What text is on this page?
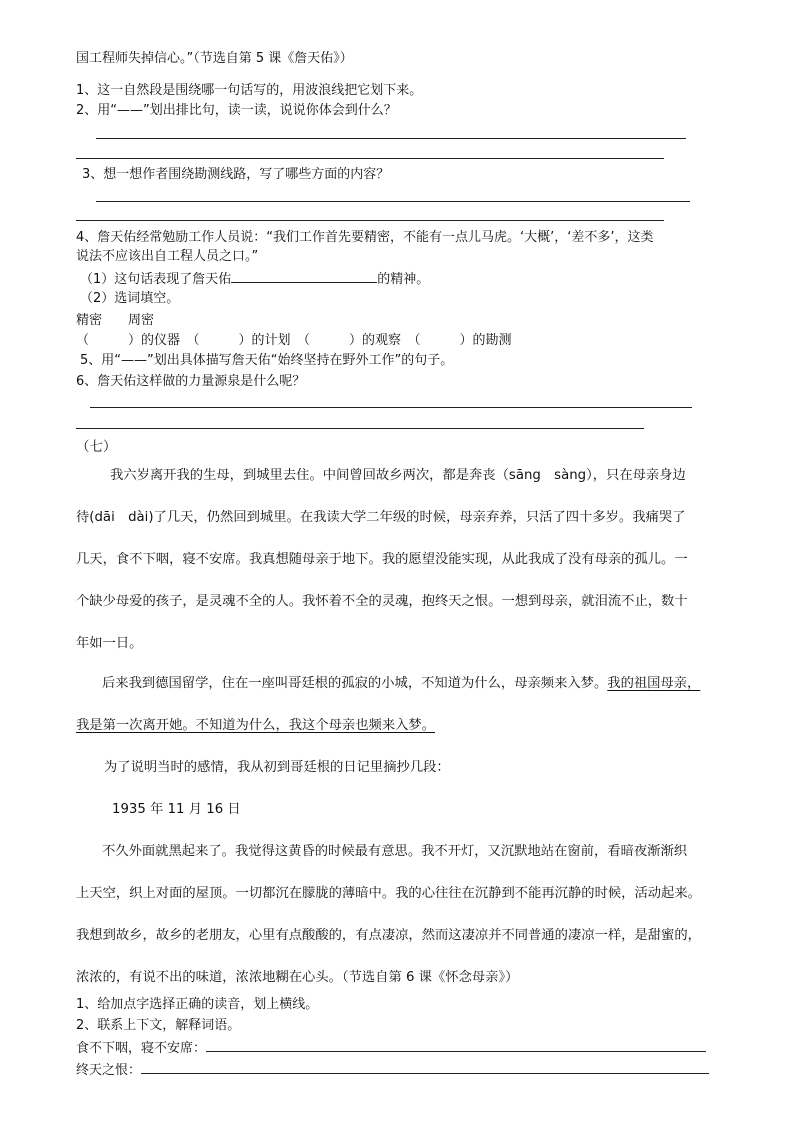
国工程师失掉信心。”（节选自第 5 课《詹天佑》）
1、这一自然段是围绕哪一句话写的，用波浪线把它划下来。
2、用“——”划出排比句，读一读，说说你体会到什么？
3、想一想作者围绕勘测线路，写了哪些方面的内容？
4、詹天佑经常勉励工作人员说：“我们工作首先要精密，不能有一点儿马虎。‘大概’，‘差不多’，这类
说法不应该出自工程人员之口。”
（1）这句话表现了詹天佑	的精神。
（2）选词填空。
精密　　周密
（　　　）的仪器　（　　　）的计划　（　　　）的观察　（　　　）的勘测
5、用“——”划出具体描写詹天佑“始终坚持在野外工作”的句子。
6、詹天佑这样做的力量源泉是什么呢？
（七）
我六岁离开我的生母，到城里去住。中间曾回故乡两次，都是奔丧（sāng　sàng），只在母亲身边
待(dāi　dài)了几天，仍然回到城里。在我读大学二年级的时候，母亲弃养，只活了四十多岁。我痛哭了
几天，食不下咽，寝不安席。我真想随母亲于地下。我的愿望没能实现，从此我成了没有母亲的孤儿。一
个缺少母爱的孩子，是灵魂不全的人。我怀着不全的灵魂，抱终天之恨。一想到母亲，就泪流不止，数十
年如一日。
后来我到德国留学，住在一座叫哥廷根的孤寂的小城，不知道为什么，母亲频来入梦。我的祖国母亲，
我是第一次离开她。不知道为什么，我这个母亲也频来入梦。
为了说明当时的感情，我从初到哥廷根的日记里摘抄几段：
1935 年 11 月 16 日
不久外面就黑起来了。我觉得这黄昏的时候最有意思。我不开灯，又沉默地站在窗前，看暗夜渐渐织
上天空，织上对面的屋顶。一切都沉在朦胧的薄暗中。我的心往往在沉静到不能再沉静的时候，活动起来。
我想到故乡，故乡的老朋友，心里有点酸酸的，有点凄凉，然而这凄凉并不同普通的凄凉一样，是甜蜜的，
浓浓的，有说不出的味道，浓浓地糊在心头。（节选自第 6 课《怀念母亲》）
1、给加点字选择正确的读音，划上横线。
2、联系上下文，解释词语。
食不下咽，寝不安席：
终天之恨：
